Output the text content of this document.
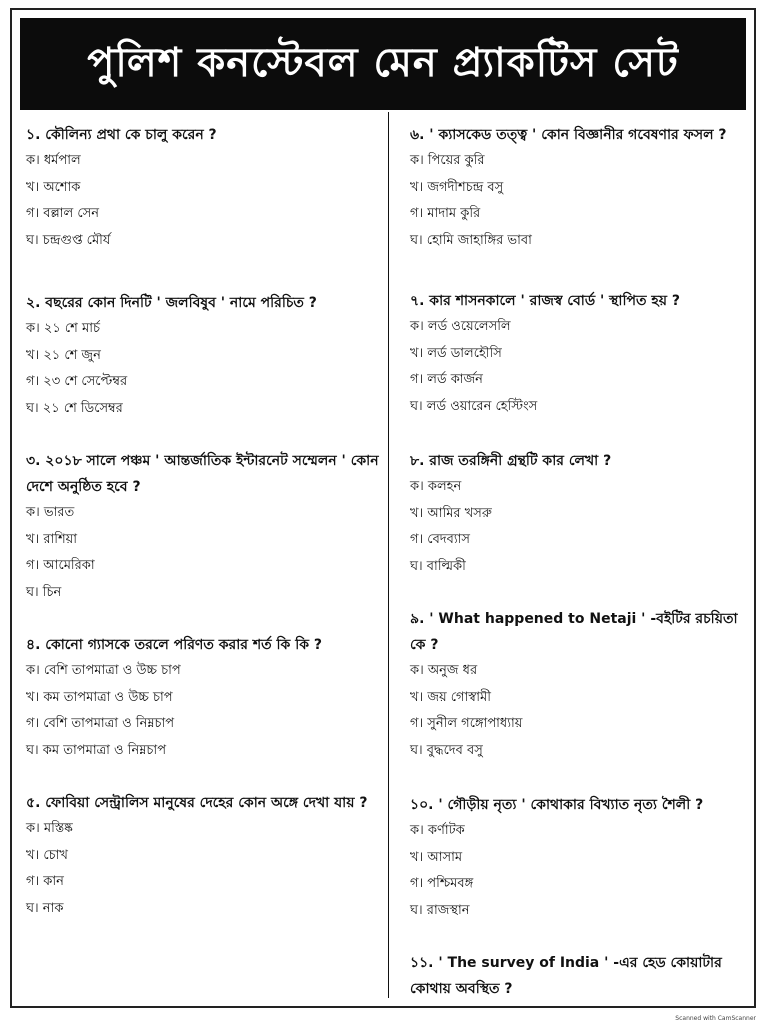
পুলিশ কনস্টেবল মেন প্র্যাকটিস সেট
১. কৌলিন্য প্রথা কে চালু করেন ?
ক। ধর্মপাল
খ। অশোক
গ। বল্লাল সেন
ঘ। চন্দ্রগুপ্ত মৌর্য
২. বছরের কোন দিনটি ' জলবিষুব ' নামে পরিচিত ?
ক। ২১ শে মার্চ
খ। ২১ শে জুন
গ। ২৩ শে সেপ্টেম্বর
ঘ। ২১ শে ডিসেম্বর
৩. ২০১৮ সালে পঞ্চম ' আন্তর্জাতিক ইন্টারনেট সম্মেলন ' কোন দেশে অনুষ্ঠিত হবে ?
ক। ভারত
খ। রাশিয়া
গ। আমেরিকা
ঘ। চিন
৪. কোনো গ্যাসকে তরলে পরিণত করার শর্ত কি কি ?
ক। বেশি তাপমাত্রা ও উচ্চ চাপ
খ। কম তাপমাত্রা ও উচ্চ চাপ
গ। বেশি তাপমাত্রা ও নিম্নচাপ
ঘ। কম তাপমাত্রা ও নিম্নচাপ
৫. ফোবিয়া সেন্ট্রালিস মানুষের দেহের কোন অঙ্গে দেখা যায় ?
ক। মস্তিষ্ক
খ। চোখ
গ। কান
ঘ। নাক
৬. ' ক্যাসকেড তত্ত্ব ' কোন বিজ্ঞানীর গবেষণার ফসল ?
ক। পিয়ের কুরি
খ। জগদীশচন্দ্র বসু
গ। মাদাম কুরি
ঘ। হোমি জাহাঙ্গির ভাবা
৭. কার শাসনকালে ' রাজস্ব বোর্ড ' স্থাপিত হয় ?
ক। লর্ড ওয়েলেসলি
খ। লর্ড ডালহৌসি
গ। লর্ড কার্জন
ঘ। লর্ড ওয়ারেন হেস্টিংস
৮. রাজ তরঙ্গিনী গ্রন্থটি কার লেখা ?
ক। কলহন
খ। আমির খসরু
গ। বেদব্যাস
ঘ। বাল্মিকী
৯. ' What happened to Netaji ' -বইটির রচয়িতা কে ?
ক। অনুজ ধর
খ। জয় গোস্বামী
গ। সুনীল গঙ্গোপাধ্যায়
ঘ। বুদ্ধদেব বসু
১০. ' গৌড়ীয় নৃত্য ' কোথাকার বিখ্যাত নৃত্য শৈলী ?
ক। কর্ণাটক
খ। আসাম
গ। পশ্চিমবঙ্গ
ঘ। রাজস্থান
১১. ' The survey of India ' -এর হেড কোয়াটার কোথায় অবস্থিত ?
Scanned with CamScanner
